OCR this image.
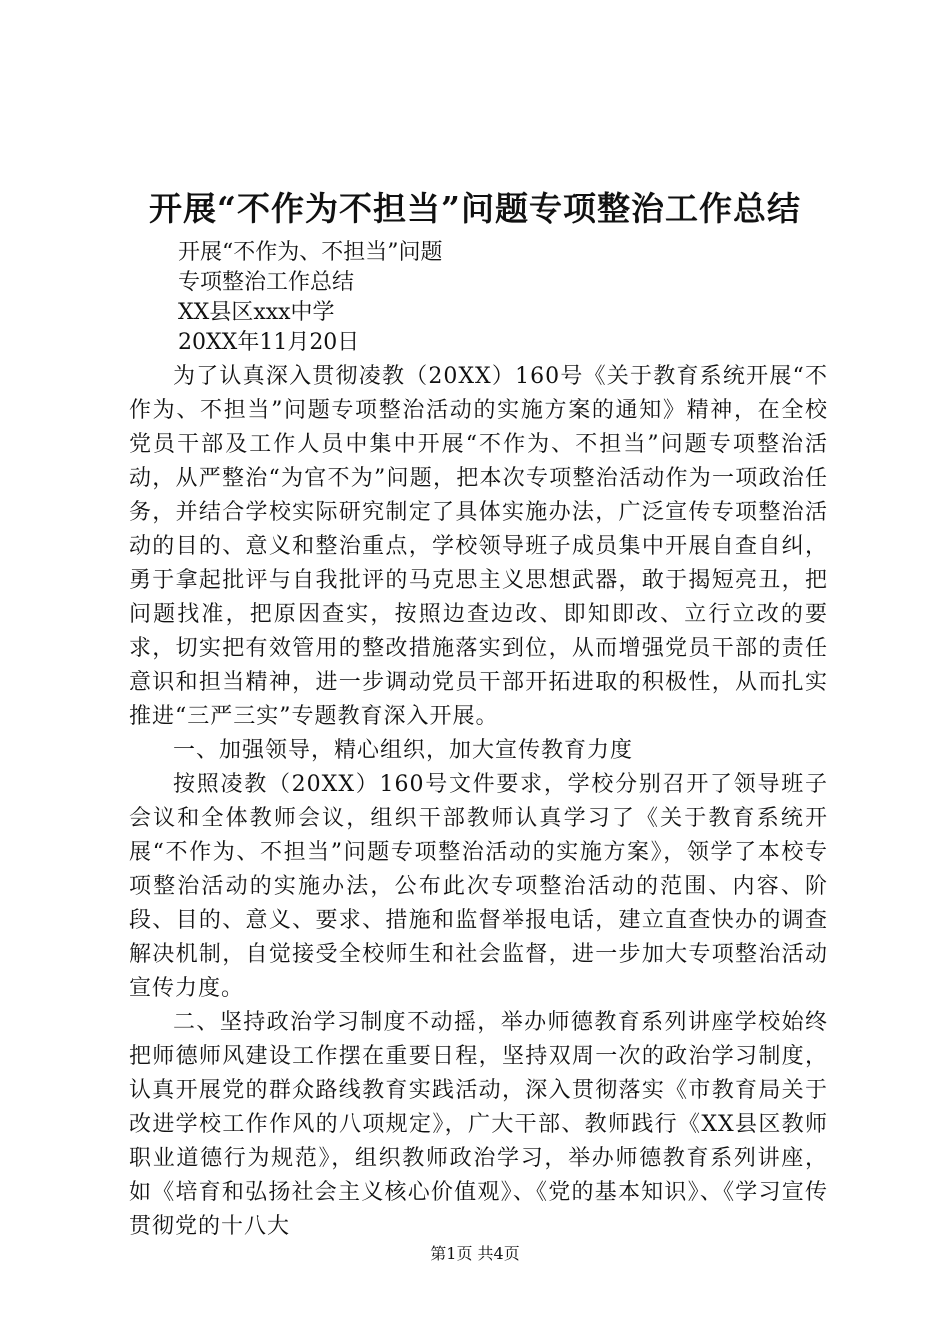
开展“不作为不担当”问题专项整治工作总结
开展“不作为、不担当”问题
专项整治工作总结
XX县区xxx中学
20XX年11月20日

为了认真深入贯彻凌教（20XX）160号《关于教育系统开展“不作为、不担当”问题专项整治活动的实施方案的通知》精神，在全校党员干部及工作人员中集中开展“不作为、不担当”问题专项整治活动，从严整治“为官不为”问题，把本次专项整治活动作为一项政治任务，并结合学校实际研究制定了具体实施办法，广泛宣传专项整治活动的目的、意义和整治重点，学校领导班子成员集中开展自查自纠，勇于拿起批评与自我批评的马克思主义思想武器，敢于揭短亮丑，把问题找准，把原因查实，按照边查边改、即知即改、立行立改的要求，切实把有效管用的整改措施落实到位，从而增强党员干部的责任意识和担当精神，进一步调动党员干部开拓进取的积极性，从而扎实推进“三严三实”专题教育深入开展。

一、加强领导，精心组织，加大宣传教育力度

按照凌教（20XX）160号文件要求，学校分别召开了领导班子会议和全体教师会议，组织干部教师认真学习了《关于教育系统开展“不作为、不担当”问题专项整治活动的实施方案》，领学了本校专项整治活动的实施办法，公布此次专项整治活动的范围、内容、阶段、目的、意义、要求、措施和监督举报电话，建立直查快办的调查解决机制，自觉接受全校师生和社会监督，进一步加大专项整治活动宣传力度。

二、坚持政治学习制度不动摇，举办师德教育系列讲座学校始终把师德师风建设工作摆在重要日程，坚持双周一次的政治学习制度，认真开展党的群众路线教育实践活动，深入贯彻落实《市教育局关于改进学校工作作风的八项规定》，广大干部、教师践行《XX县区教师职业道德行为规范》，组织教师政治学习，举办师德教育系列讲座，如《培育和弘扬社会主义核心价值观》、《党的基本知识》、《学习宣传贯彻党的十八大

第1页 共4页
